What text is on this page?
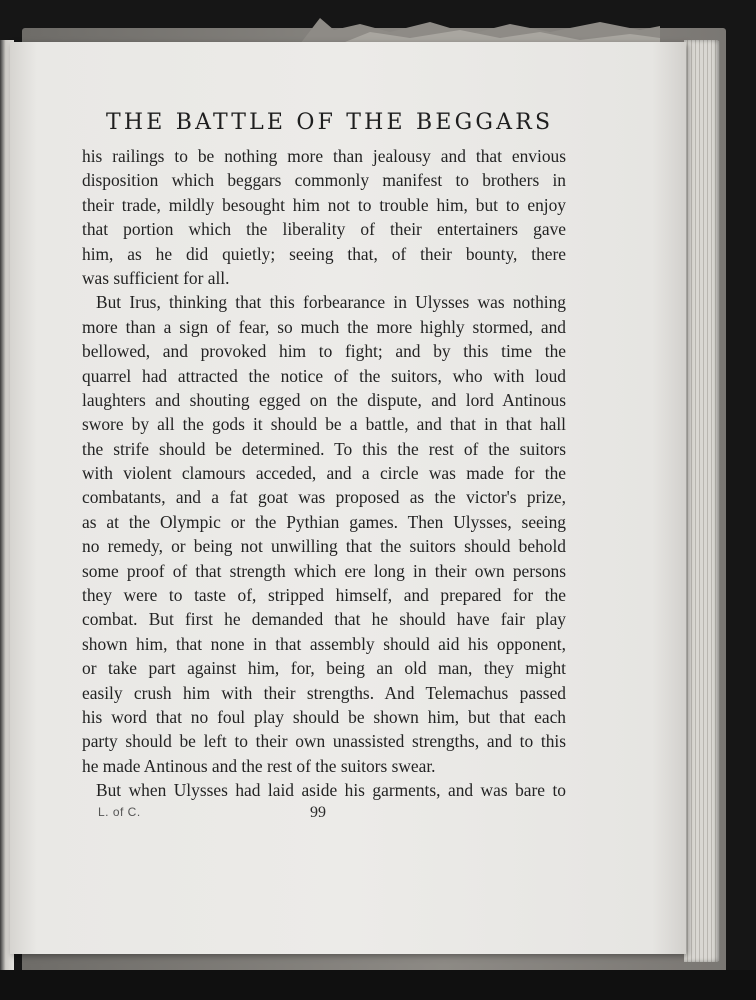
THE BATTLE OF THE BEGGARS
his railings to be nothing more than jealousy and that envious
disposition which beggars commonly manifest to brothers in
their trade, mildly besought him not to trouble him, but to enjoy
that portion which the liberality of their entertainers gave
him, as he did quietly; seeing that, of their bounty, there
was sufficient for all.
But Irus, thinking that this forbearance in Ulysses was nothing
more than a sign of fear, so much the more highly stormed, and
bellowed, and provoked him to fight; and by this time the
quarrel had attracted the notice of the suitors, who with loud
laughters and shouting egged on the dispute, and lord Antinous
swore by all the gods it should be a battle, and that in that hall
the strife should be determined. To this the rest of the suitors
with violent clamours acceded, and a circle was made for the
combatants, and a fat goat was proposed as the victor's prize,
as at the Olympic or the Pythian games. Then Ulysses, seeing
no remedy, or being not unwilling that the suitors should behold
some proof of that strength which ere long in their own persons
they were to taste of, stripped himself, and prepared for the
combat. But first he demanded that he should have fair play
shown him, that none in that assembly should aid his opponent,
or take part against him, for, being an old man, they might
easily crush him with their strengths. And Telemachus passed
his word that no foul play should be shown him, but that each
party should be left to their own unassisted strengths, and to this
he made Antinous and the rest of the suitors swear.
But when Ulysses had laid aside his garments, and was bare to
L. of C.	99
